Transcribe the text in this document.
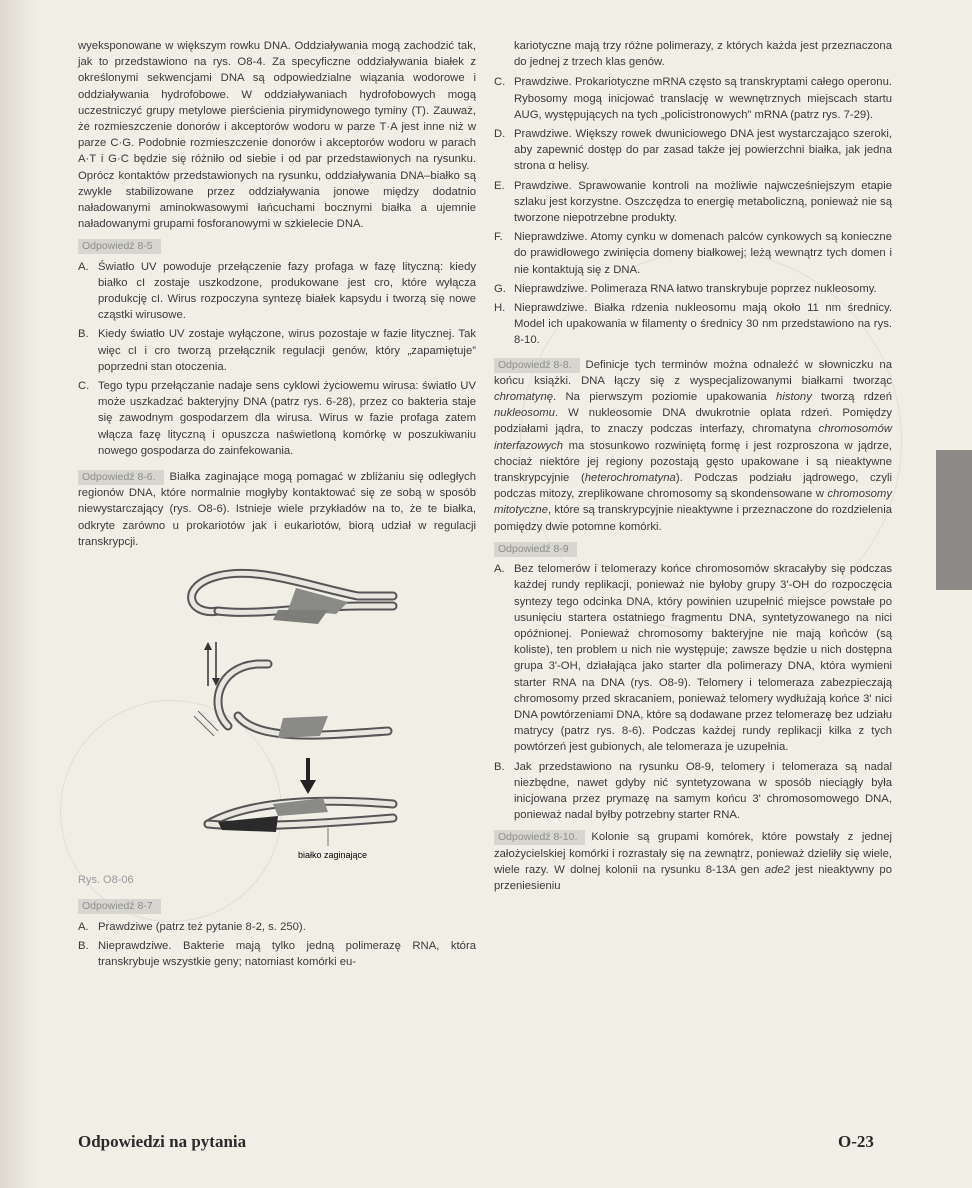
wyeksponowane w większym rowku DNA. Oddziaływania mogą zachodzić tak, jak to przedstawiono na rys. O8-4. Za specyficzne oddziaływania białek z określonymi sekwencjami DNA są odpowiedzialne wiązania wodorowe i oddziaływania hydrofobowe. W oddziaływaniach hydrofobowych mogą uczestniczyć grupy metylowe pierścienia pirymidynowego tyminy (T). Zauważ, że rozmieszczenie donorów i akceptorów wodoru w parze T·A jest inne niż w parze C·G. Podobnie rozmieszczenie donorów i akceptorów wodoru w parach A·T i G·C będzie się różniło od siebie i od par przedstawionych na rysunku. Oprócz kontaktów przedstawionych na rysunku, oddziaływania DNA–białko są zwykle stabilizowane przez oddziaływania jonowe między dodatnio naładowanymi aminokwasowymi łańcuchami bocznymi białka a ujemnie naładowanymi grupami fosforanowymi w szkielecie DNA.

Odpowiedź 8-5
A. Światło UV powoduje przełączenie fazy profaga w fazę lityczną: kiedy białko cI zostaje uszkodzone, produkowane jest cro, które wyłącza produkcję cI. Wirus rozpoczyna syntezę białek kapsydu i tworzą się nowe cząstki wirusowe.
B. Kiedy światło UV zostaje wyłączone, wirus pozostaje w fazie litycznej. Tak więc cI i cro tworzą przełącznik regulacji genów, który „zapamiętuje” poprzedni stan otoczenia.
C. Tego typu przełączanie nadaje sens cyklowi życiowemu wirusa: światło UV może uszkadzać bakteryjny DNA (patrz rys. 6-28), przez co bakteria staje się zawodnym gospodarzem dla wirusa. Wirus w fazie profaga zatem włącza fazę lityczną i opuszcza naświetloną komórkę w poszukiwaniu nowego gospodarza do zainfekowania.

Odpowiedź 8-6. Białka zaginające mogą pomagać w zbliżaniu się odległych regionów DNA, które normalnie mogłyby kontaktować się ze sobą w sposób niewystarczający (rys. O8-6). Istnieje wiele przykładów na to, że te białka, odkryte zarówno u prokariotów jak i eukariotów, biorą udział w regulacji transkrypcji.

białko zaginające
Rys. O8-06
Odpowiedź 8-7
A. Prawdziwe (patrz też pytanie 8-2, s. 250).
B. Nieprawdziwe. Bakterie mają tylko jedną polimerazę RNA, która transkrybuje wszystkie geny; natomiast komórki eu-

kariotyczne mają trzy różne polimerazy, z których każda jest przeznaczona do jednej z trzech klas genów.

C. Prawdziwe. Prokariotyczne mRNA często są transkryptami całego operonu. Rybosomy mogą inicjować translację w wewnętrznych miejscach startu AUG, występujących na tych „policistronowych” mRNA (patrz rys. 7-29).
D. Prawdziwe. Większy rowek dwuniciowego DNA jest wystarczająco szeroki, aby zapewnić dostęp do par zasad także jej powierzchni białka, jak jedna strona α helisy.
E. Prawdziwe. Sprawowanie kontroli na możliwie najwcześniejszym etapie szlaku jest korzystne. Oszczędza to energię metaboliczną, ponieważ nie są tworzone niepotrzebne produkty.
F. Nieprawdziwe. Atomy cynku w domenach palców cynkowych są konieczne do prawidłowego zwinięcia domeny białkowej; leżą wewnątrz tych domen i nie kontaktują się z DNA.
G. Nieprawdziwe. Polimeraza RNA łatwo transkrybuje poprzez nukleosomy.
H. Nieprawdziwe. Białka rdzenia nukleosomu mają około 11 nm średnicy. Model ich upakowania w filamenty o średnicy 30 nm przedstawiono na rys. 8-10.

Odpowiedź 8-8. Definicje tych terminów można odnaleźć w słowniczku na końcu książki. DNA łączy się z wyspecjalizowanymi białkami tworząc chromatynę. Na pierwszym poziomie upakowania histony tworzą rdzeń nukleosomu. W nukleosomie DNA dwukrotnie oplata rdzeń. Pomiędzy podziałami jądra, to znaczy podczas interfazy, chromatyna chromosomów interfazowych ma stosunkowo rozwiniętą formę i jest rozproszona w jądrze, chociaż niektóre jej regiony pozostają gęsto upakowane i są nieaktywne transkrypcyjnie (heterochromatyna). Podczas podziału jądrowego, czyli podczas mitozy, zreplikowane chromosomy są skondensowane w chromosomy mitotyczne, które są transkrypcyjnie nieaktywne i przeznaczone do rozdzielenia pomiędzy dwie potomne komórki.

Odpowiedź 8-9
A. Bez telomerów i telomerazy końce chromosomów skracałyby się podczas każdej rundy replikacji, ponieważ nie byłoby grupy 3'-OH do rozpoczęcia syntezy tego odcinka DNA, który powinien uzupełnić miejsce powstałe po usunięciu startera ostatniego fragmentu DNA, syntetyzowanego na nici opóźnionej. Ponieważ chromosomy bakteryjne nie mają końców (są koliste), ten problem u nich nie występuje; zawsze będzie u nich dostępna grupa 3'-OH, działająca jako starter dla polimerazy DNA, która wymieni starter RNA na DNA (rys. O8-9). Telomery i telomeraza zabezpieczają chromosomy przed skracaniem, ponieważ telomery wydłużają końce 3' nici DNA powtórzeniami DNA, które są dodawane przez telomerazę bez udziału matrycy (patrz rys. 8-6). Podczas każdej rundy replikacji kilka z tych powtórzeń jest gubionych, ale telomeraza je uzupełnia.
B. Jak przedstawiono na rysunku O8-9, telomery i telomeraza są nadal niezbędne, nawet gdyby nić syntetyzowana w sposób nieciągły była inicjowana przez prymazę na samym końcu 3' chromosomowego DNA, ponieważ nadal byłby potrzebny starter RNA.

Odpowiedź 8-10. Kolonie są grupami komórek, które powstały z jednej założycielskiej komórki i rozrastały się na zewnątrz, ponieważ dzieliły się wiele, wiele razy. W dolnej kolonii na rysunku 8-13A gen ade2 jest nieaktywny po przeniesieniu

Odpowiedzi na pytania	O-23
